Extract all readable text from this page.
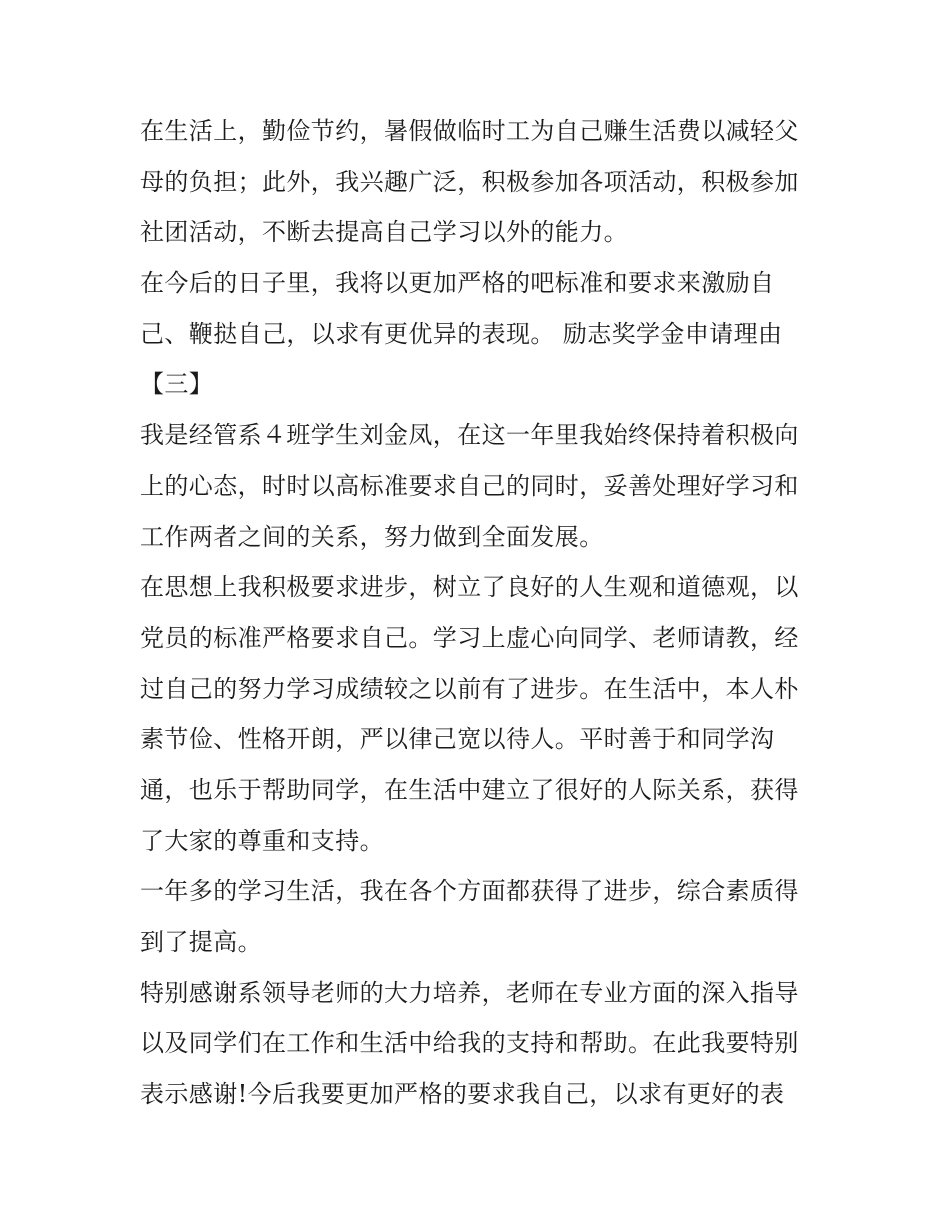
在生活上，勤俭节约，暑假做临时工为自己赚生活费以减轻父
母的负担；此外，我兴趣广泛，积极参加各项活动，积极参加
社团活动，不断去提高自己学习以外的能力。
在今后的日子里，我将以更加严格的吧标准和要求来激励自
己、鞭挞自己，以求有更优异的表现。 励志奖学金申请理由
【三】
我是经管系４班学生刘金凤，在这一年里我始终保持着积极向
上的心态，时时以高标准要求自己的同时，妥善处理好学习和
工作两者之间的关系，努力做到全面发展。
在思想上我积极要求进步，树立了良好的人生观和道德观，以
党员的标准严格要求自己。学习上虚心向同学、老师请教，经
过自己的努力学习成绩较之以前有了进步。在生活中，本人朴
素节俭、性格开朗，严以律己宽以待人。平时善于和同学沟
通，也乐于帮助同学，在生活中建立了很好的人际关系，获得
了大家的尊重和支持。
一年多的学习生活，我在各个方面都获得了进步，综合素质得
到了提高。
特别感谢系领导老师的大力培养，老师在专业方面的深入指导
以及同学们在工作和生活中给我的支持和帮助。在此我要特别
表示感谢!今后我要更加严格的要求我自己，以求有更好的表
